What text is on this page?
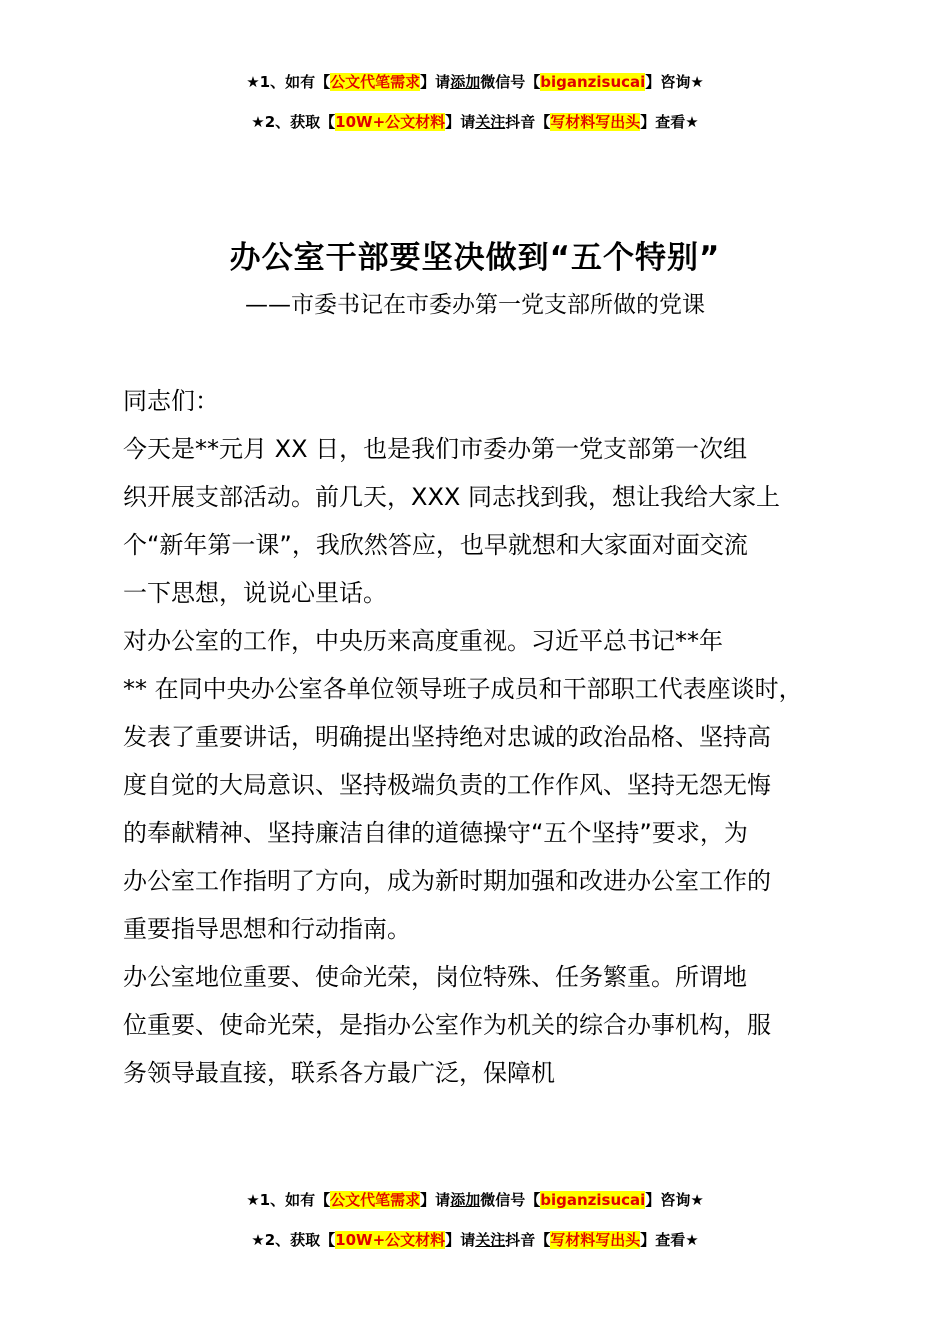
★1、如有【公文代笔需求】请添加微信号【biganzisucai】咨询★
★2、获取【10W+公文材料】请关注抖音【写材料写出头】查看★
办公室干部要坚决做到“五个特别”
——市委书记在市委办第一党支部所做的党课

同志们：

今天是**元月 XX 日，也是我们市委办第一党支部第一次组
织开展支部活动。前几天，XXX 同志找到我，想让我给大家上
个“新年第一课”，我欣然答应，也早就想和大家面对面交流
一下思想，说说心里话。

对办公室的工作，中央历来高度重视。习近平总书记**年
** 在同中央办公室各单位领导班子成员和干部职工代表座谈时，
发表了重要讲话，明确提出坚持绝对忠诚的政治品格、坚持高
度自觉的大局意识、坚持极端负责的工作作风、坚持无怨无悔
的奉献精神、坚持廉洁自律的道德操守“五个坚持”要求，为
办公室工作指明了方向，成为新时期加强和改进办公室工作的
重要指导思想和行动指南。

办公室地位重要、使命光荣，岗位特殊、任务繁重。所谓地
位重要、使命光荣，是指办公室作为机关的综合办事机构，服
务领导最直接，联系各方最广泛，保障机

★1、如有【公文代笔需求】请添加微信号【biganzisucai】咨询★
★2、获取【10W+公文材料】请关注抖音【写材料写出头】查看★
